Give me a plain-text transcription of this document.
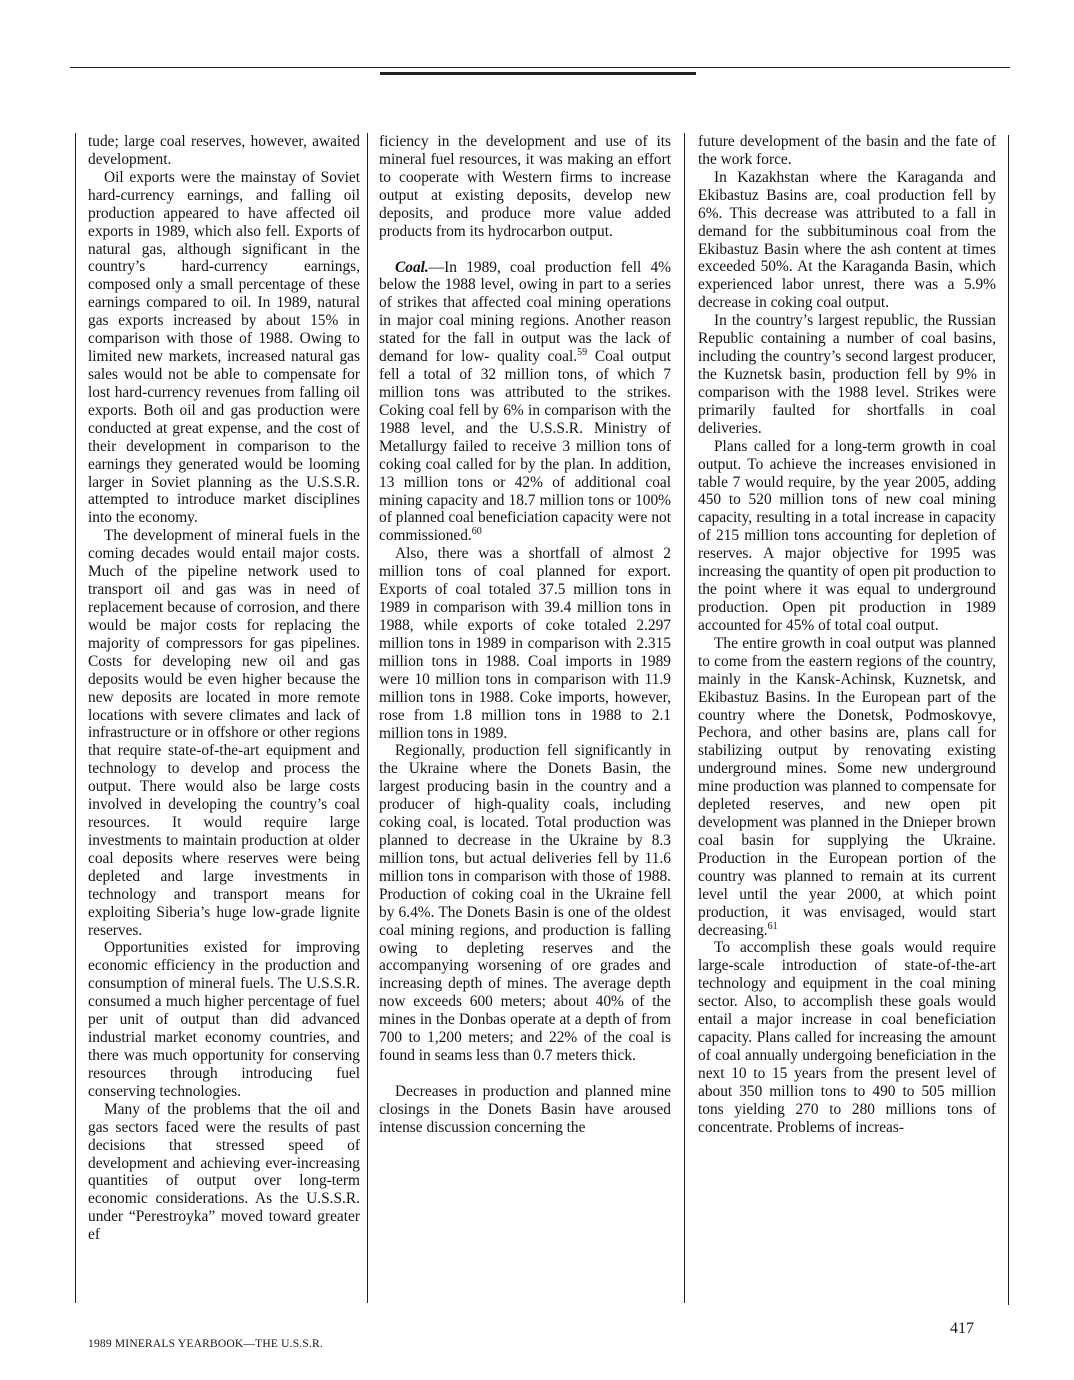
tude; large coal reserves, however, awaited development.

Oil exports were the mainstay of Soviet hard-currency earnings, and falling oil production appeared to have affected oil exports in 1989, which also fell. Exports of natural gas, although significant in the country’s hard-currency earnings, composed only a small percentage of these earnings compared to oil. In 1989, natural gas exports increased by about 15% in comparison with those of 1988. Owing to limited new markets, increased natural gas sales would not be able to compensate for lost hard-currency revenues from falling oil exports. Both oil and gas production were conducted at great expense, and the cost of their development in comparison to the earnings they generated would be looming larger in Soviet planning as the U.S.S.R. attempted to introduce market disciplines into the economy.

The development of mineral fuels in the coming decades would entail major costs. Much of the pipeline network used to transport oil and gas was in need of replacement because of corrosion, and there would be major costs for replacing the majority of compressors for gas pipelines. Costs for developing new oil and gas deposits would be even higher because the new deposits are located in more remote locations with severe climates and lack of infrastructure or in offshore or other regions that require state-of-the-art equipment and technology to develop and process the output. There would also be large costs involved in developing the country’s coal resources. It would require large investments to maintain production at older coal deposits where reserves were being depleted and large investments in technology and transport means for exploiting Siberia’s huge low-grade lignite reserves.

Opportunities existed for improving economic efficiency in the production and consumption of mineral fuels. The U.S.S.R. consumed a much higher percentage of fuel per unit of output than did advanced industrial market economy countries, and there was much opportunity for conserving resources through introducing fuel conserving technologies.

Many of the problems that the oil and gas sectors faced were the results of past decisions that stressed speed of development and achieving ever-increasing quantities of output over long-term economic considerations. As the U.S.S.R. under “Perestroyka” moved toward greater ef

ficiency in the development and use of its mineral fuel resources, it was making an effort to cooperate with Western firms to increase output at existing deposits, develop new deposits, and produce more value added products from its hydrocarbon output.

Coal.—In 1989, coal production fell 4% below the 1988 level, owing in part to a series of strikes that affected coal mining operations in major coal mining regions. Another reason stated for the fall in output was the lack of demand for low- quality coal.$^{59}$ Coal output fell a total of 32 million tons, of which 7 million tons was attributed to the strikes. Coking coal fell by 6% in comparison with the 1988 level, and the U.S.S.R. Ministry of Metallurgy failed to receive 3 million tons of coking coal called for by the plan. In addition, 13 million tons or 42% of additional coal mining capacity and 18.7 million tons or 100% of planned coal beneficiation capacity were not commissioned.$^{60}$

Also, there was a shortfall of almost 2 million tons of coal planned for export. Exports of coal totaled 37.5 million tons in 1989 in comparison with 39.4 million tons in 1988, while exports of coke totaled 2.297 million tons in 1989 in comparison with 2.315 million tons in 1988. Coal imports in 1989 were 10 million tons in comparison with 11.9 million tons in 1988. Coke imports, however, rose from 1.8 million tons in 1988 to 2.1 million tons in 1989.

Regionally, production fell significantly in the Ukraine where the Donets Basin, the largest producing basin in the country and a producer of high-quality coals, including coking coal, is located. Total production was planned to decrease in the Ukraine by 8.3 million tons, but actual deliveries fell by 11.6 million tons in comparison with those of 1988. Production of coking coal in the Ukraine fell by 6.4%. The Donets Basin is one of the oldest coal mining regions, and production is falling owing to depleting reserves and the accompanying worsening of ore grades and increasing depth of mines. The average depth now exceeds 600 meters; about 40% of the mines in the Donbas operate at a depth of from 700 to 1,200 meters; and 22% of the coal is found in seams less than 0.7 meters thick.

Decreases in production and planned mine closings in the Donets Basin have aroused intense discussion concerning the

future development of the basin and the fate of the work force.

In Kazakhstan where the Karaganda and Ekibastuz Basins are, coal production fell by 6%. This decrease was attributed to a fall in demand for the subbituminous coal from the Ekibastuz Basin where the ash content at times exceeded 50%. At the Karaganda Basin, which experienced labor unrest, there was a 5.9% decrease in coking coal output.

In the country’s largest republic, the Russian Republic containing a number of coal basins, including the country’s second largest producer, the Kuznetsk basin, production fell by 9% in comparison with the 1988 level. Strikes were primarily faulted for shortfalls in coal deliveries.

Plans called for a long-term growth in coal output. To achieve the increases envisioned in table 7 would require, by the year 2005, adding 450 to 520 million tons of new coal mining capacity, resulting in a total increase in capacity of 215 million tons accounting for depletion of reserves. A major objective for 1995 was increasing the quantity of open pit production to the point where it was equal to underground production. Open pit production in 1989 accounted for 45% of total coal output.

The entire growth in coal output was planned to come from the eastern regions of the country, mainly in the Kansk-Achinsk, Kuznetsk, and Ekibastuz Basins. In the European part of the country where the Donetsk, Podmoskovye, Pechora, and other basins are, plans call for stabilizing output by renovating existing underground mines. Some new underground mine production was planned to compensate for depleted reserves, and new open pit development was planned in the Dnieper brown coal basin for supplying the Ukraine. Production in the European portion of the country was planned to remain at its current level until the year 2000, at which point production, it was envisaged, would start decreasing.$^{61}$

To accomplish these goals would require large-scale introduction of state-of-the-art technology and equipment in the coal mining sector. Also, to accomplish these goals would entail a major increase in coal beneficiation capacity. Plans called for increasing the amount of coal annually undergoing beneficiation in the next 10 to 15 years from the present level of about 350 million tons to 490 to 505 million tons yielding 270 to 280 millions tons of concentrate. Problems of increas-

1989 MINERALS YEARBOOK—THE U.S.S.R.
417
